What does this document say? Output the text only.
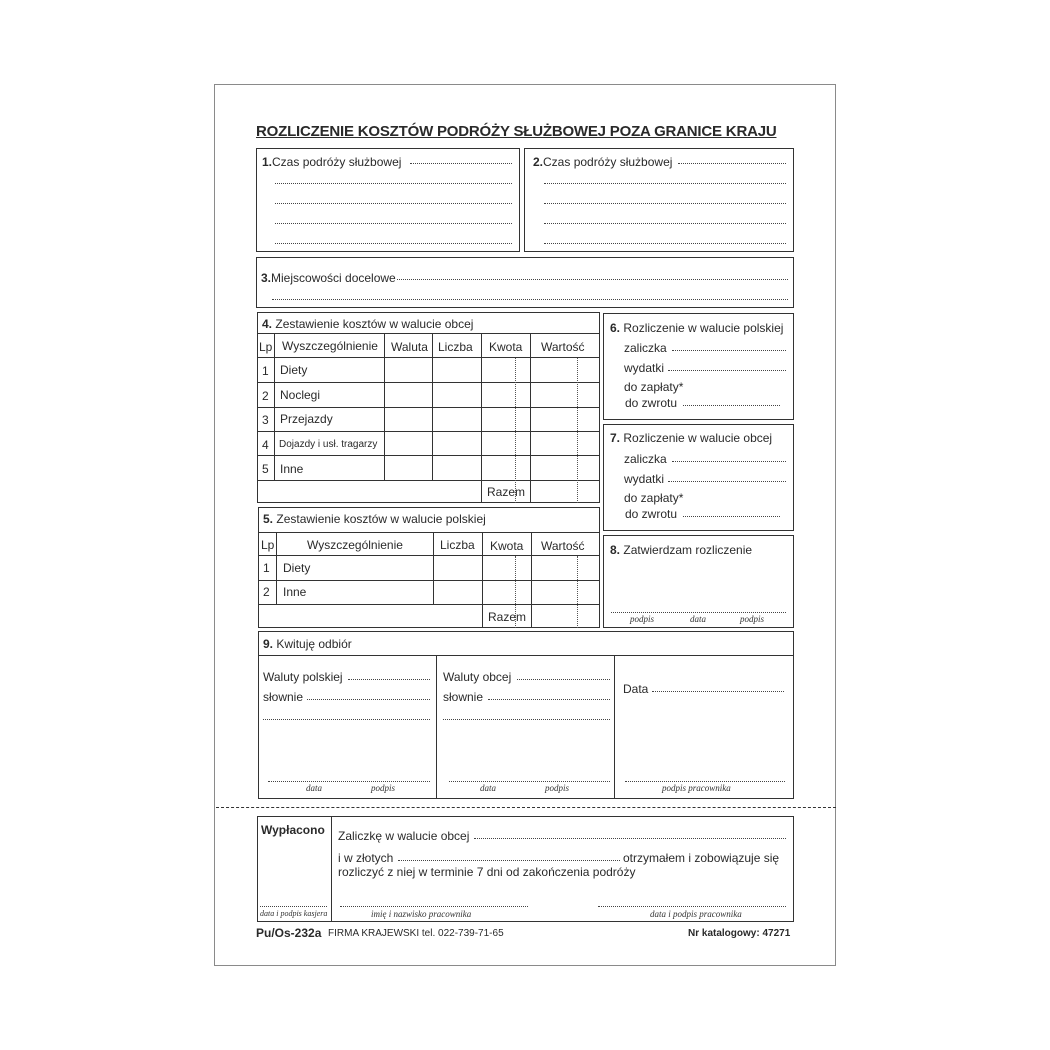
ROZLICZENIE KOSZTÓW PODRÓŻY SŁUŻBOWEJ POZA GRANICE KRAJU
1.Czas podróży służbowej	2.Czas podróży służbowej
3.Miejscowości docelowe
4. Zestawienie kosztów w walucie obcej
Lp Wyszczególnienie Waluta Liczba Kwota Wartość
1 Diety
2 Noclegi
3 Przejazdy
4 Dojazdy i usł. tragarzy
5 Inne
Razem
5. Zestawienie kosztów w walucie polskiej
Lp	Wyszczególnienie	Liczba Kwota Wartość
1 Diety
2 Inne
Razem
6. Rozliczenie w walucie polskiej
zaliczka
wydatki
do zapłaty*
do zwrotu
7. Rozliczenie w walucie obcej
zaliczka
wydatki
do zapłaty*
do zwrotu
8. Zatwierdzam rozliczenie
podpis	data	podpis
9. Kwituję odbiór
Waluty polskiej
słownie
data	podpis
Waluty obcej
słownie
data	podpis
Data
podpis pracownika
Wypłacono
data i podpis kasjera
Zaliczkę w walucie obcej
i w złotych	otrzymałem i zobowiązuje się
rozliczyć z niej w terminie 7 dni od zakończenia podróży
imię i nazwisko pracownika	data i podpis pracownika
Pu/Os-232a FIRMA KRAJEWSKI tel. 022-739-71-65	Nr katalogowy: 47271
